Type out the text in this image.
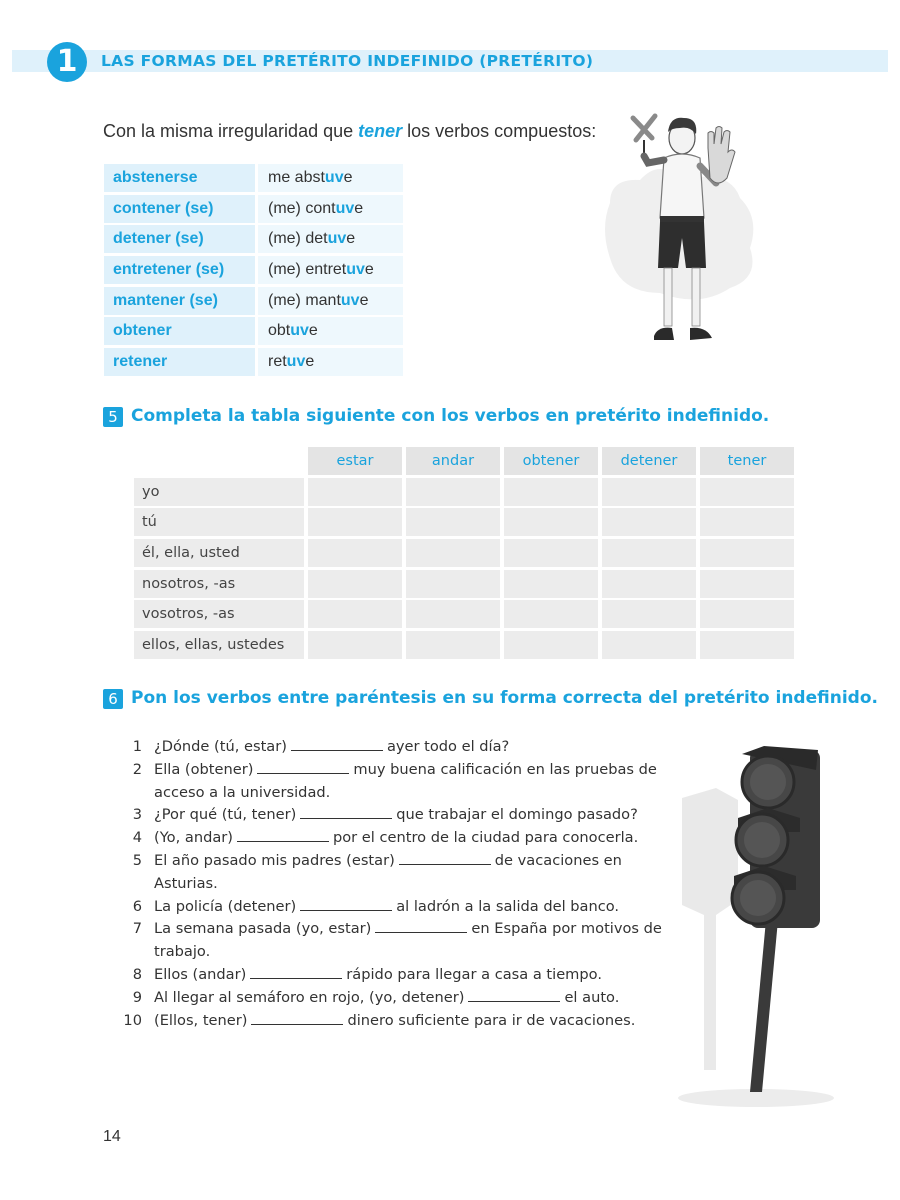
1	LAS FORMAS DEL PRETÉRITO INDEFINIDO (PRETÉRITO)
Con la misma irregularidad que tener los verbos compuestos:
abstenerse	me abstuve
contener (se)	(me) contuve
detener (se)	(me) detuve
entretener (se)	(me) entretuve
mantener (se)	(me) mantuve
obtener	obtuve
retener	retuve
5 Completa la tabla siguiente con los verbos en pretérito indefinido.
estar	andar	obtener	detener	tener
yo
tú
él, ella, usted
nosotros, -as
vosotros, -as
ellos, ellas, ustedes
6 Pon los verbos entre paréntesis en su forma correcta del pretérito indefinido.
1 ¿Dónde (tú, estar)	ayer todo el día?
2 Ella (obtener)	muy buena calificación en las pruebas de acceso a la universidad.
3 ¿Por qué (tú, tener)	que trabajar el domingo pasado?
4 (Yo, andar)	por el centro de la ciudad para conocerla.
5 El año pasado mis padres (estar)	de vacaciones en Asturias.
6 La policía (detener)	al ladrón a la salida del banco.
7 La semana pasada (yo, estar)	en España por motivos de trabajo.
8 Ellos (andar)	rápido para llegar a casa a tiempo.
9 Al llegar al semáforo en rojo, (yo, detener)	el auto.
10 (Ellos, tener)	dinero suficiente para ir de vacaciones.
14
